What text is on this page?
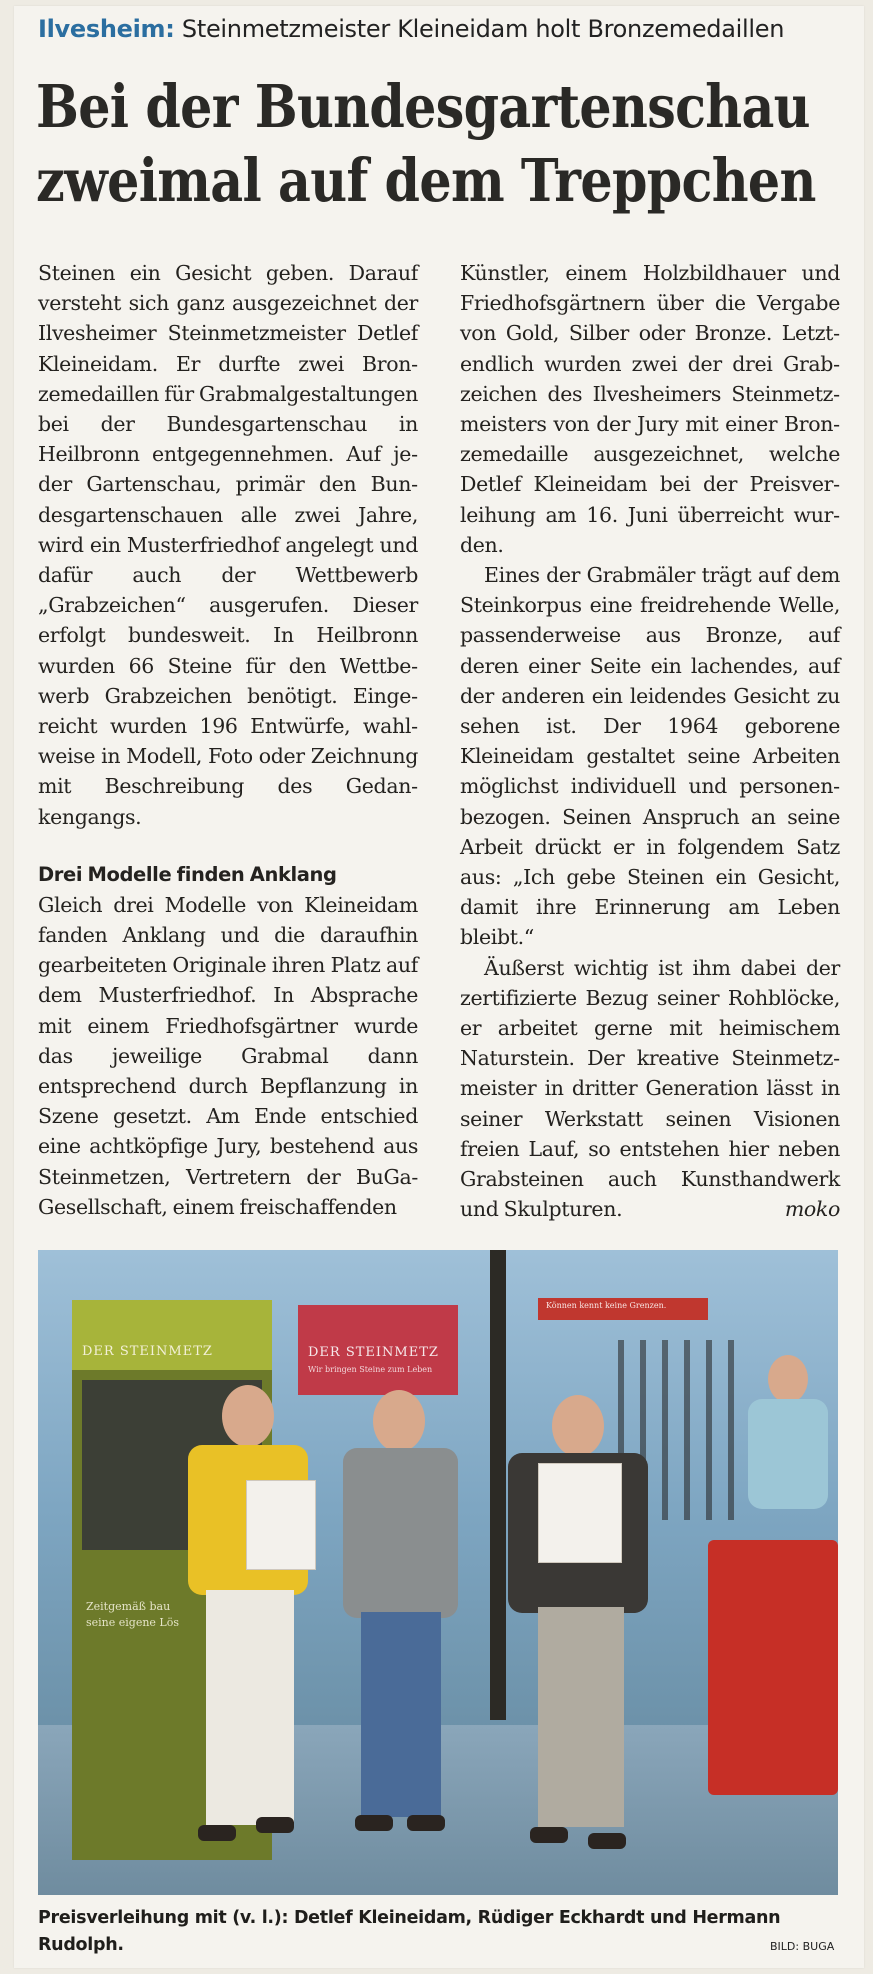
Ilvesheim: Steinmetzmeister Kleineidam holt Bronzemedaillen
Bei der Bundesgartenschau
zweimal auf dem Treppchen

Steinen ein Gesicht geben. Darauf versteht sich ganz ausgezeichnet der Ilvesheimer Steinmetzmeister Detlef Kleineidam. Er durfte zwei Bronzemedaillen für Grabmalgestaltungen bei der Bundesgartenschau in Heilbronn entgegennehmen. Auf jeder Gartenschau, primär den Bundesgartenschauen alle zwei Jahre, wird ein Musterfriedhof angelegt und dafür auch der Wettbewerb „Grabzeichen“ ausgerufen. Dieser erfolgt bundesweit. In Heilbronn wurden 66 Steine für den Wettbewerb Grabzeichen benötigt. Eingereicht wurden 196 Entwürfe, wahlweise in Modell, Foto oder Zeichnung mit Beschreibung des Gedankengangs.

Drei Modelle finden Anklang

Gleich drei Modelle von Kleineidam fanden Anklang und die daraufhin gearbeiteten Originale ihren Platz auf dem Musterfriedhof. In Absprache mit einem Friedhofsgärtner wurde das jeweilige Grabmal dann entsprechend durch Bepflanzung in Szene gesetzt. Am Ende entschied eine achtköpfige Jury, bestehend aus Steinmetzen, Vertretern der BuGa-Gesellschaft, einem freischaffenden

Künstler, einem Holzbildhauer und Friedhofsgärtnern über die Vergabe von Gold, Silber oder Bronze. Letztendlich wurden zwei der drei Grabzeichen des Ilvesheimers Steinmetzmeisters von der Jury mit einer Bronzemedaille ausgezeichnet, welche Detlef Kleineidam bei der Preisverleihung am 16. Juni überreicht wurden.

Eines der Grabmäler trägt auf dem Steinkorpus eine freidrehende Welle, passenderweise aus Bronze, auf deren einer Seite ein lachendes, auf der anderen ein leidendes Gesicht zu sehen ist. Der 1964 geborene Kleineidam gestaltet seine Arbeiten möglichst individuell und personenbezogen. Seinen Anspruch an seine Arbeit drückt er in folgendem Satz aus: „Ich gebe Steinen ein Gesicht, damit ihre Erinnerung am Leben bleibt.“

Äußerst wichtig ist ihm dabei der zertifizierte Bezug seiner Rohblöcke, er arbeitet gerne mit heimischem Naturstein. Der kreative Steinmetzmeister in dritter Generation lässt in seiner Werkstatt seinen Visionen freien Lauf, so entstehen hier neben Grabsteinen auch Kunsthandwerk und Skulpturen.	moko

DER STEINMETZ
Zeitgemäß bau
seine eigene Lös
DER STEINMETZ
Wir bringen Steine zum Leben
Können kennt keine Grenzen.
Preisverleihung mit (v. l.): Detlef Kleineidam, Rüdiger Eckhardt und Hermann Rudolph.	BILD: BUGA
